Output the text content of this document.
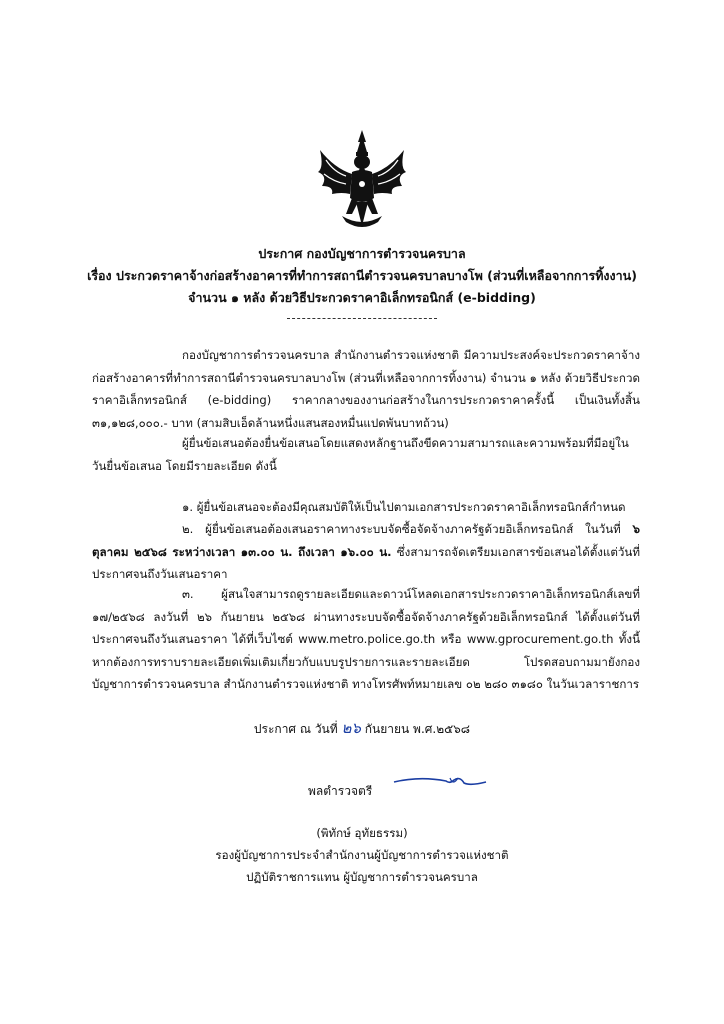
ประกาศ กองบัญชาการตำรวจนครบาล
เรื่อง ประกวดราคาจ้างก่อสร้างอาคารที่ทำการสถานีตำรวจนครบาลบางโพ (ส่วนที่เหลือจากการทิ้งงาน)
จำนวน ๑ หลัง ด้วยวิธีประกวดราคาอิเล็กทรอนิกส์ (e-bidding)
กองบัญชาการตำรวจนครบาล สำนักงานตำรวจแห่งชาติ มีความประสงค์จะประกวดราคาจ้างก่อสร้างอาคารที่ทำการสถานีตำรวจนครบาลบางโพ (ส่วนที่เหลือจากการทิ้งงาน) จำนวน ๑ หลัง ด้วยวิธีประกวดราคาอิเล็กทรอนิกส์ (e-bidding) ราคากลางของงานก่อสร้างในการประกวดราคาครั้งนี้ เป็นเงินทั้งสิ้น ๓๑,๑๒๘,๐๐๐.- บาท (สามสิบเอ็ดล้านหนึ่งแสนสองหมื่นแปดพันบาทถ้วน)
ผู้ยื่นข้อเสนอต้องยื่นข้อเสนอโดยแสดงหลักฐานถึงขีดความสามารถและความพร้อมที่มีอยู่ในวันยื่นข้อเสนอ โดยมีรายละเอียด ดังนี้
๑. ผู้ยื่นข้อเสนอจะต้องมีคุณสมบัติให้เป็นไปตามเอกสารประกวดราคาอิเล็กทรอนิกส์กำหนด
๒. ผู้ยื่นข้อเสนอต้องเสนอราคาทางระบบจัดซื้อจัดจ้างภาครัฐด้วยอิเล็กทรอนิกส์ ในวันที่ ๖ ตุลาคม ๒๕๖๘ ระหว่างเวลา ๑๓.๐๐ น. ถึงเวลา ๑๖.๐๐ น. ซึ่งสามารถจัดเตรียมเอกสารข้อเสนอได้ตั้งแต่วันที่ประกาศจนถึงวันเสนอราคา
๓. ผู้สนใจสามารถดูรายละเอียดและดาวน์โหลดเอกสารประกวดราคาอิเล็กทรอนิกส์เลขที่ ๑๗/๒๕๖๘ ลงวันที่ ๒๖ กันยายน ๒๕๖๘ ผ่านทางระบบจัดซื้อจัดจ้างภาครัฐด้วยอิเล็กทรอนิกส์ ได้ตั้งแต่วันที่ประกาศจนถึงวันเสนอราคา ได้ที่เว็บไซต์ www.metro.police.go.th หรือ www.gprocurement.go.th ทั้งนี้ หากต้องการทราบรายละเอียดเพิ่มเติมเกี่ยวกับแบบรูปรายการและรายละเอียด โปรดสอบถามมายังกองบัญชาการตำรวจนครบาล สำนักงานตำรวจแห่งชาติ ทางโทรศัพท์หมายเลข ๐๒ ๒๘๐ ๓๑๘๐ ในวันเวลาราชการ
ประกาศ ณ วันที่ ๒๖ กันยายน พ.ศ.๒๕๖๘
พลตำรวจตรี
(พิทักษ์ อุทัยธรรม)
รองผู้บัญชาการประจำสำนักงานผู้บัญชาการตำรวจแห่งชาติ
ปฏิบัติราชการแทน ผู้บัญชาการตำรวจนครบาล
